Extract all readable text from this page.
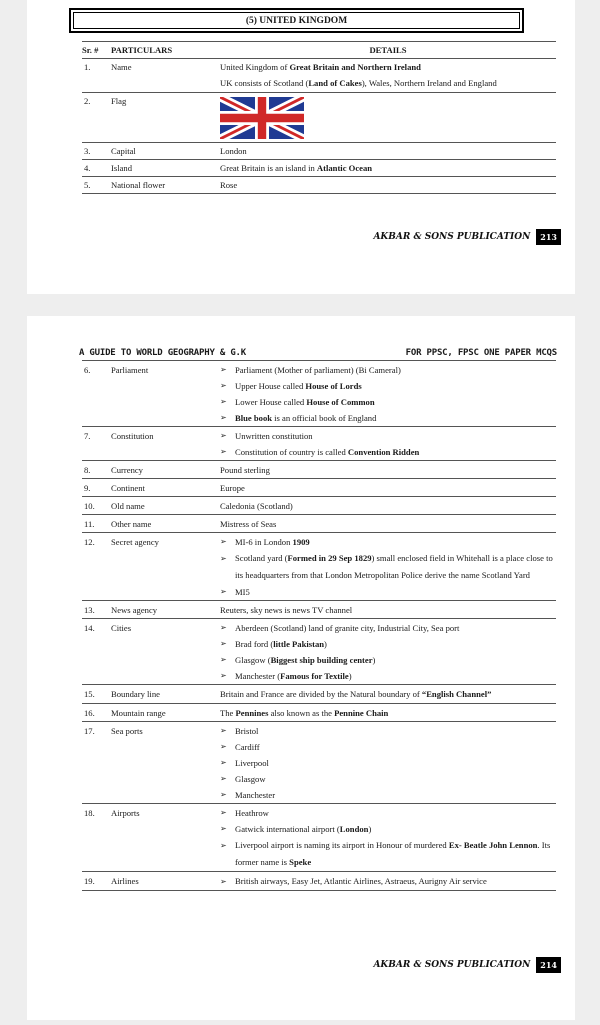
(5) UNITED KINGDOM
Sr. #	PARTICULARS	DETAILS
1.	Name	United Kingdom of Great Britain and Northern Ireland
UK consists of Scotland (Land of Cakes), Wales, Northern Ireland and England

2.	Flag	

3.	Capital	London
4.	Island	Great Britain is an island in Atlantic Ocean
5.	National flower	Rose
AKBAR & SONS PUBLICATION	213
A GUIDE TO WORLD GEOGRAPHY & G.K	FOR PPSC, FPSC ONE PAPER MCQS
6.	Parliament	➢ Parliament (Mother of parliament) (Bi Cameral)
➢ Upper House called House of Lords
➢ Lower House called House of Common
➢ Blue book is an official book of England

7.	Constitution	➢ Unwritten constitution
➢ Constitution of country is called Convention Ridden

8.	Currency	Pound sterling
9.	Continent	Europe
10.	Old name	Caledonia (Scotland)
11.	Other name	Mistress of Seas
12.	Secret agency	➢ MI-6 in London 1909
➢ Scotland yard (Formed in 29 Sep 1829) small enclosed field in Whitehall is a place close to its headquarters from that London Metropolitan Police derive the name Scotland Yard
➢ MI5

13.	News agency	Reuters, sky news is news TV channel
14.	Cities	➢ Aberdeen (Scotland) land of granite city, Industrial City, Sea port
➢ Brad ford (little Pakistan)
➢ Glasgow (Biggest ship building center)
➢ Manchester (Famous for Textile)

15.	Boundary line	Britain and France are divided by the Natural boundary of “English Channel”
16.	Mountain range	The Pennines also known as the Pennine Chain
17.	Sea ports	➢ Bristol
➢ Cardiff
➢ Liverpool
➢ Glasgow
➢ Manchester

18.	Airports	➢ Heathrow
➢ Gatwick international airport (London)
➢ Liverpool airport is naming its airport in Honour of murdered Ex- Beatle John Lennon. Its former name is Speke

19.	Airlines	➢ British airways, Easy Jet, Atlantic Airlines, Astraeus, Aurigny Air service
AKBAR & SONS PUBLICATION	214
